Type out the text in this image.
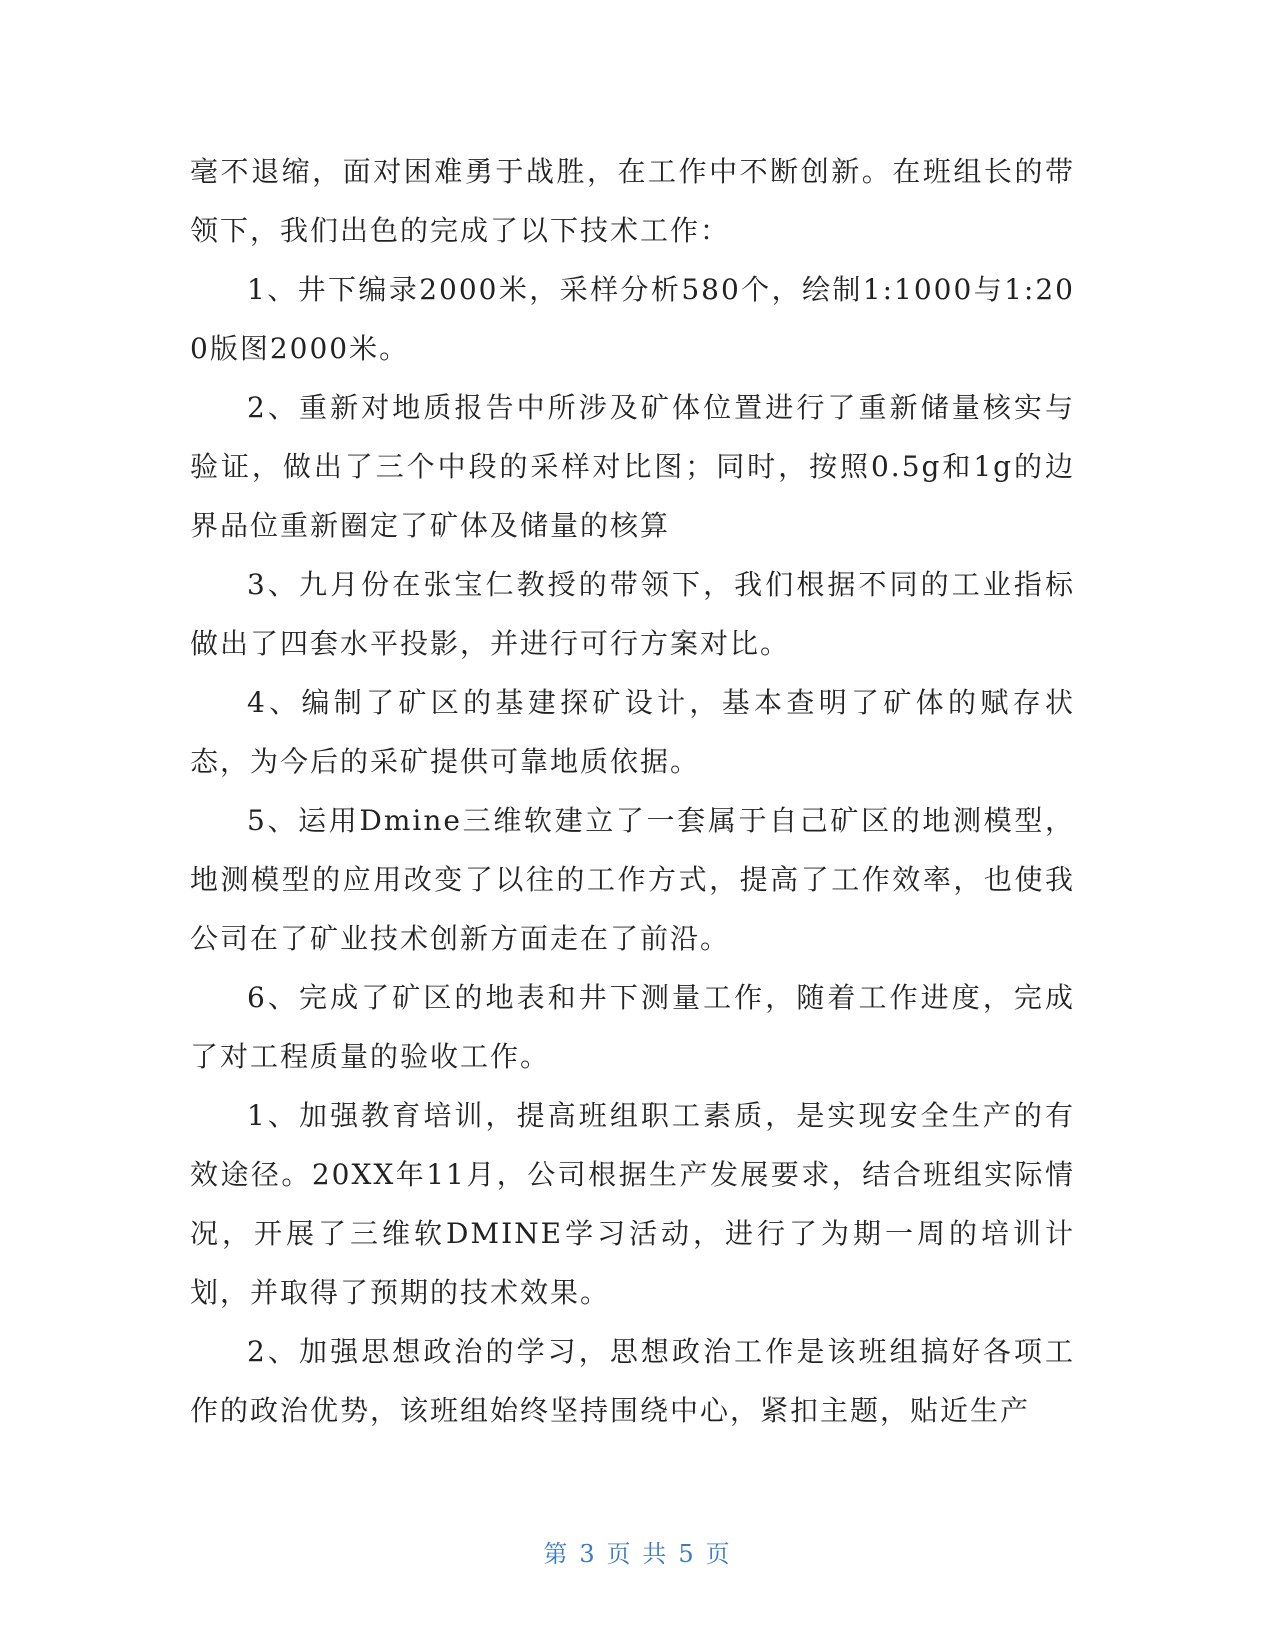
毫不退缩，面对困难勇于战胜，在工作中不断创新。在班组长的带领下，我们出色的完成了以下技术工作：

1、井下编录2000米，采样分析580个，绘制1:1000与1:200版图2000米。

2、重新对地质报告中所涉及矿体位置进行了重新储量核实与验证，做出了三个中段的采样对比图；同时，按照0.5g和1g的边界品位重新圈定了矿体及储量的核算

3、九月份在张宝仁教授的带领下，我们根据不同的工业指标做出了四套水平投影，并进行可行方案对比。

4、编制了矿区的基建探矿设计，基本查明了矿体的赋存状态，为今后的采矿提供可靠地质依据。

5、运用Dmine三维软建立了一套属于自己矿区的地测模型，地测模型的应用改变了以往的工作方式，提高了工作效率，也使我公司在了矿业技术创新方面走在了前沿。

6、完成了矿区的地表和井下测量工作，随着工作进度，完成了对工程质量的验收工作。

1、加强教育培训，提高班组职工素质，是实现安全生产的有效途径。20XX年11月，公司根据生产发展要求，结合班组实际情况，开展了三维软DMINE学习活动，进行了为期一周的培训计划，并取得了预期的技术效果。

2、加强思想政治的学习，思想政治工作是该班组搞好各项工作的政治优势，该班组始终坚持围绕中心，紧扣主题，贴近生产

第 3 页 共 5 页
